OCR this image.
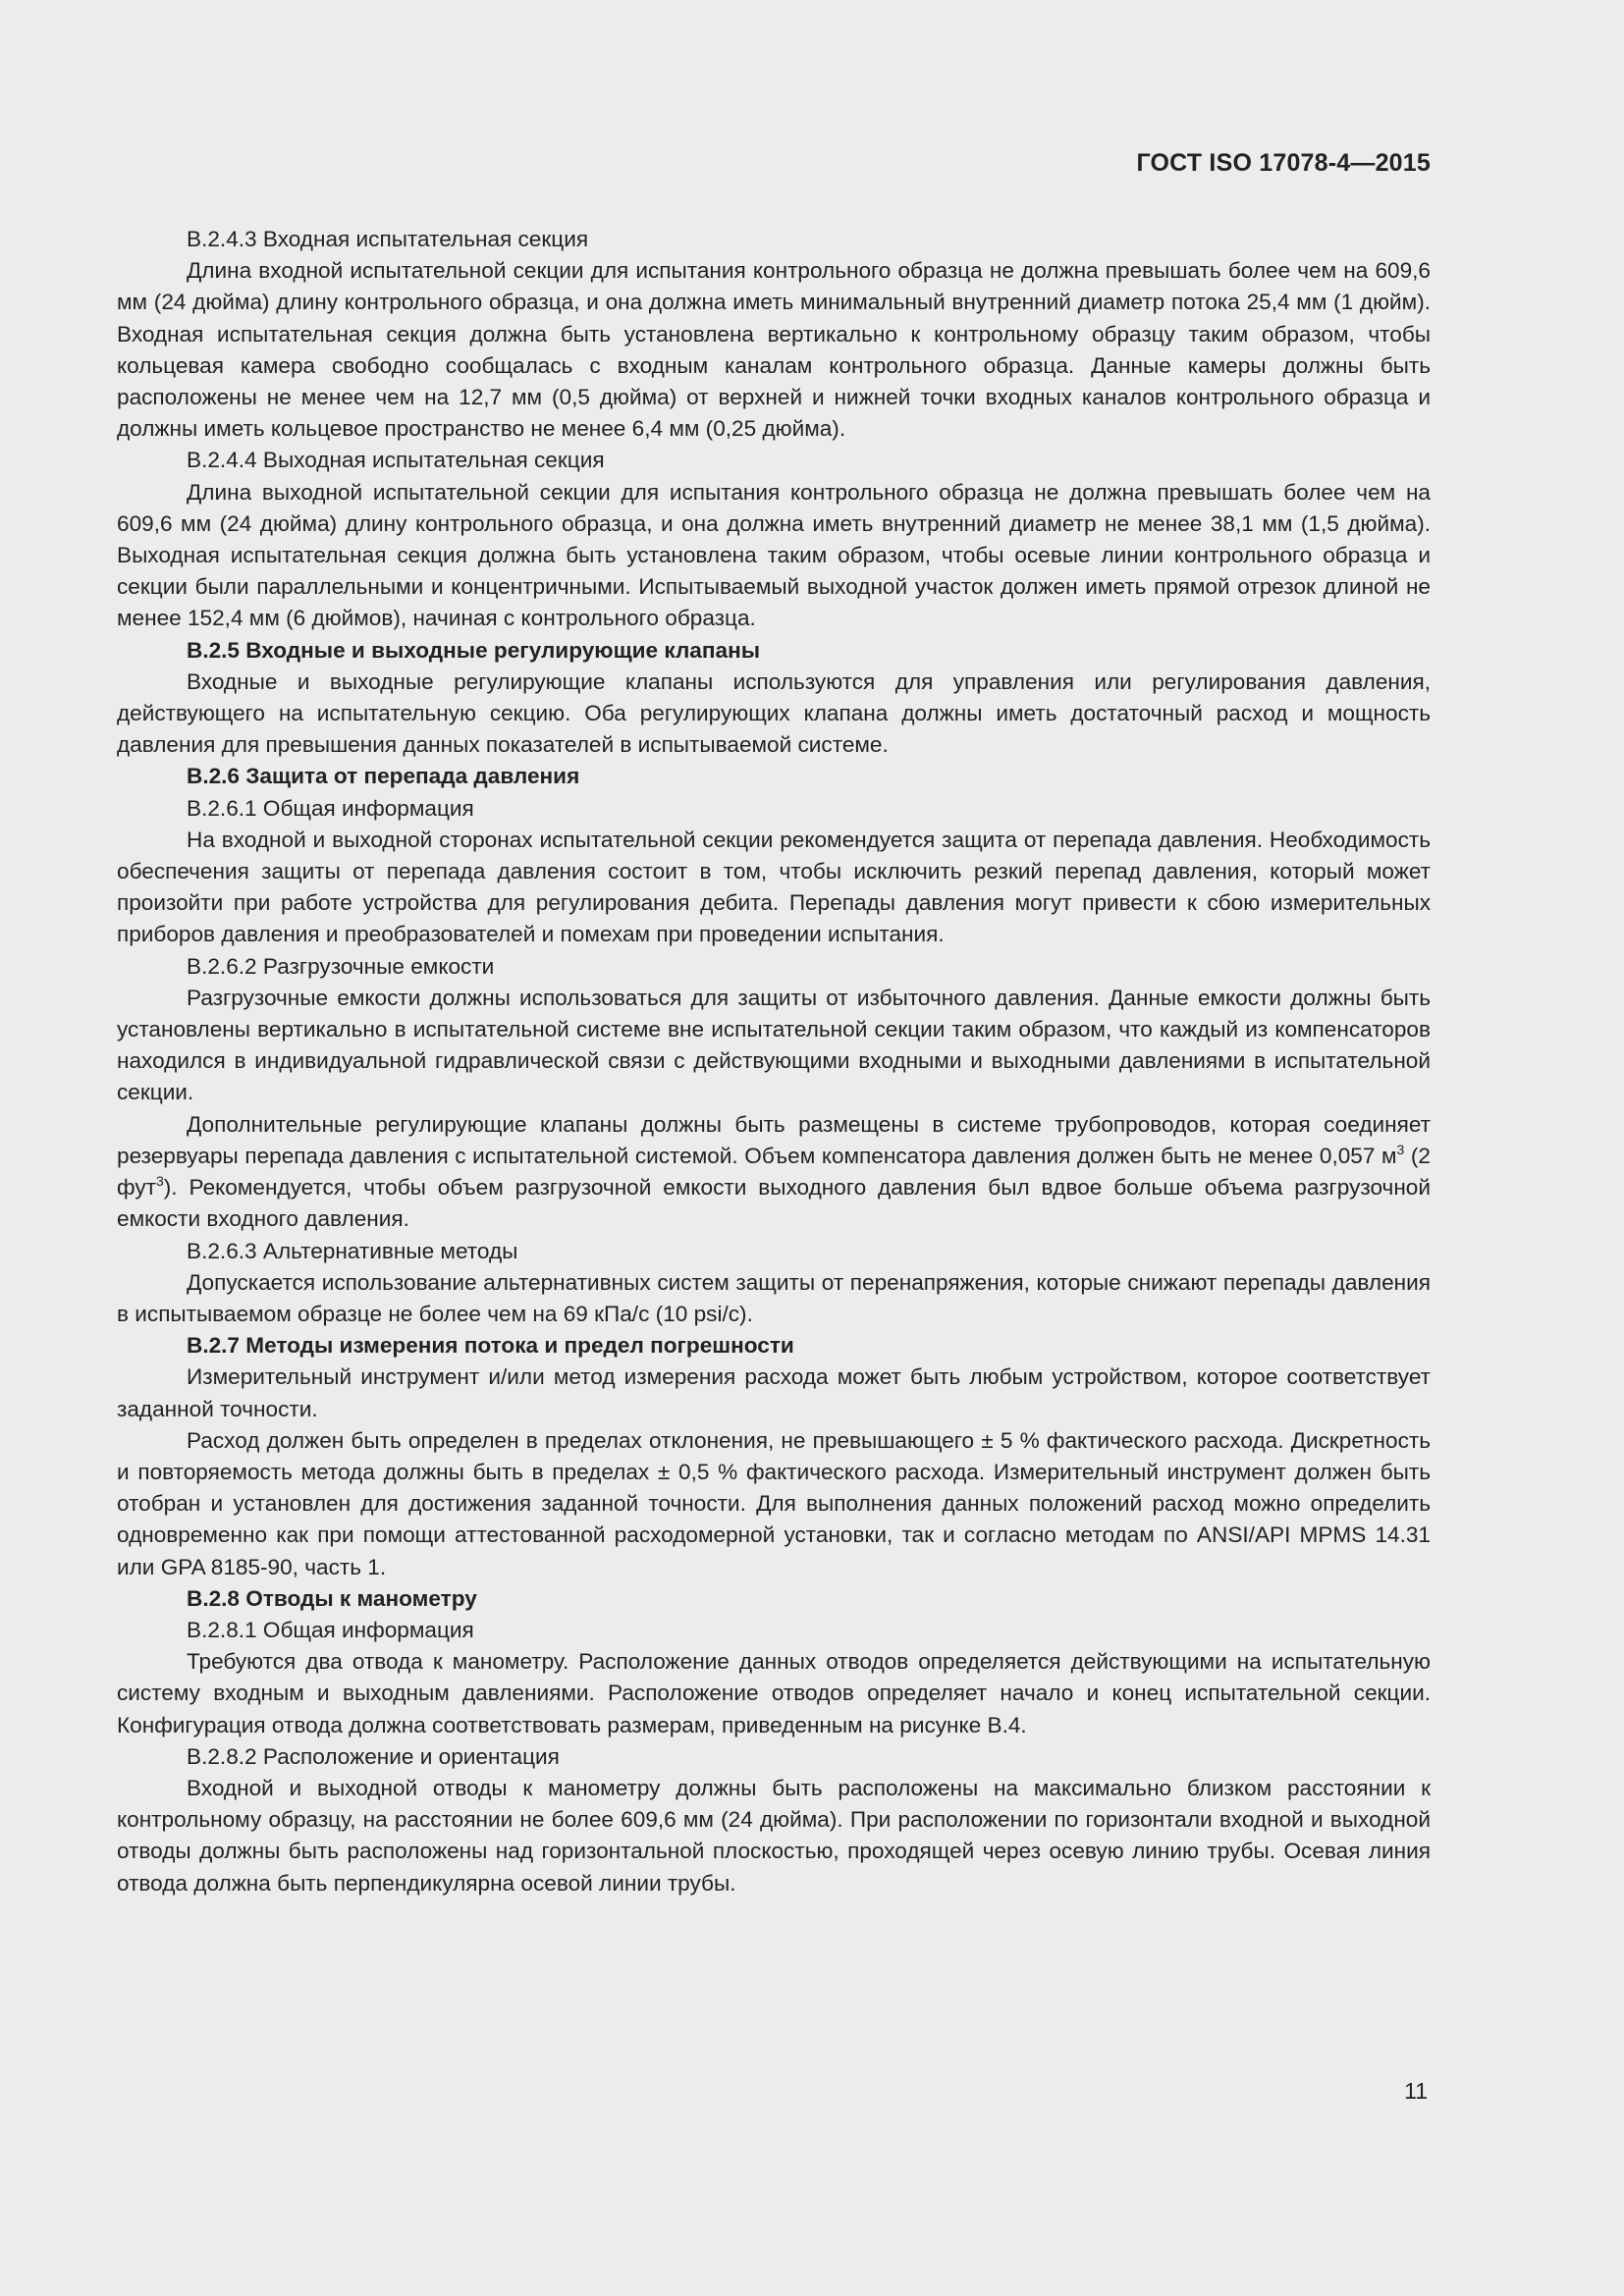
ГОСТ ISO 17078-4—2015

B.2.4.3 Входная испытательная секция

Длина входной испытательной секции для испытания контрольного образца не должна превышать более чем на 609,6 мм (24 дюйма) длину контрольного образца, и она должна иметь минимальный внутренний диаметр потока 25,4 мм (1 дюйм). Входная испытательная секция должна быть установлена вертикально к контрольному образцу таким образом, чтобы кольцевая камера свободно сообщалась с входным каналам контрольного образца. Данные камеры должны быть расположены не менее чем на 12,7 мм (0,5 дюйма) от верхней и нижней точки входных каналов контрольного образца и должны иметь кольцевое пространство не менее 6,4 мм (0,25 дюйма).

B.2.4.4 Выходная испытательная секция

Длина выходной испытательной секции для испытания контрольного образца не должна превышать более чем на 609,6 мм (24 дюйма) длину контрольного образца, и она должна иметь внутренний диаметр не менее 38,1 мм (1,5 дюйма). Выходная испытательная секция должна быть установлена таким образом, чтобы осевые линии контрольного образца и секции были параллельными и концентричными. Испытываемый выходной участок должен иметь прямой отрезок длиной не менее 152,4 мм (6 дюймов), начиная с контрольного образца.

B.2.5 Входные и выходные регулирующие клапаны

Входные и выходные регулирующие клапаны используются для управления или регулирования давления, действующего на испытательную секцию. Оба регулирующих клапана должны иметь достаточный расход и мощность давления для превышения данных показателей в испытываемой системе.

B.2.6 Защита от перепада давления

B.2.6.1 Общая информация

На входной и выходной сторонах испытательной секции рекомендуется защита от перепада давления. Необходимость обеспечения защиты от перепада давления состоит в том, чтобы исключить резкий перепад давления, который может произойти при работе устройства для регулирования дебита. Перепады давления могут привести к сбою измерительных приборов давления и преобразователей и помехам при проведении испытания.

B.2.6.2 Разгрузочные емкости

Разгрузочные емкости должны использоваться для защиты от избыточного давления. Данные емкости должны быть установлены вертикально в испытательной системе вне испытательной секции таким образом, что каждый из компенсаторов находился в индивидуальной гидравлической связи с действующими входными и выходными давлениями в испытательной секции.

Дополнительные регулирующие клапаны должны быть размещены в системе трубопроводов, которая соединяет резервуары перепада давления с испытательной системой. Объем компенсатора давления должен быть не менее 0,057 $м^3$ (2 фут$^3$). Рекомендуется, чтобы объем разгрузочной емкости выходного давления был вдвое больше объема разгрузочной емкости входного давления.

B.2.6.3 Альтернативные методы

Допускается использование альтернативных систем защиты от перенапряжения, которые снижают перепады давления в испытываемом образце не более чем на 69 кПа/с (10 psi/c).

B.2.7 Методы измерения потока и предел погрешности

Измерительный инструмент и/или метод измерения расхода может быть любым устройством, которое соответствует заданной точности.

Расход должен быть определен в пределах отклонения, не превышающего ± 5 % фактического расхода. Дискретность и повторяемость метода должны быть в пределах ± 0,5 % фактического расхода. Измерительный инструмент должен быть отобран и установлен для достижения заданной точности. Для выполнения данных положений расход можно определить одновременно как при помощи аттестованной расходомерной установки, так и согласно методам по ANSI/API MPMS 14.31 или GPA 8185-90, часть 1.

B.2.8 Отводы к манометру

B.2.8.1 Общая информация

Требуются два отвода к манометру. Расположение данных отводов определяется действующими на испытательную систему входным и выходным давлениями. Расположение отводов определяет начало и конец испытательной секции. Конфигурация отвода должна соответствовать размерам, приведенным на рисунке B.4.

B.2.8.2 Расположение и ориентация

Входной и выходной отводы к манометру должны быть расположены на максимально близком расстоянии к контрольному образцу, на расстоянии не более 609,6 мм (24 дюйма). При расположении по горизонтали входной и выходной отводы должны быть расположены над горизонтальной плоскостью, проходящей через осевую линию трубы. Осевая линия отвода должна быть перпендикулярна осевой линии трубы.

11
